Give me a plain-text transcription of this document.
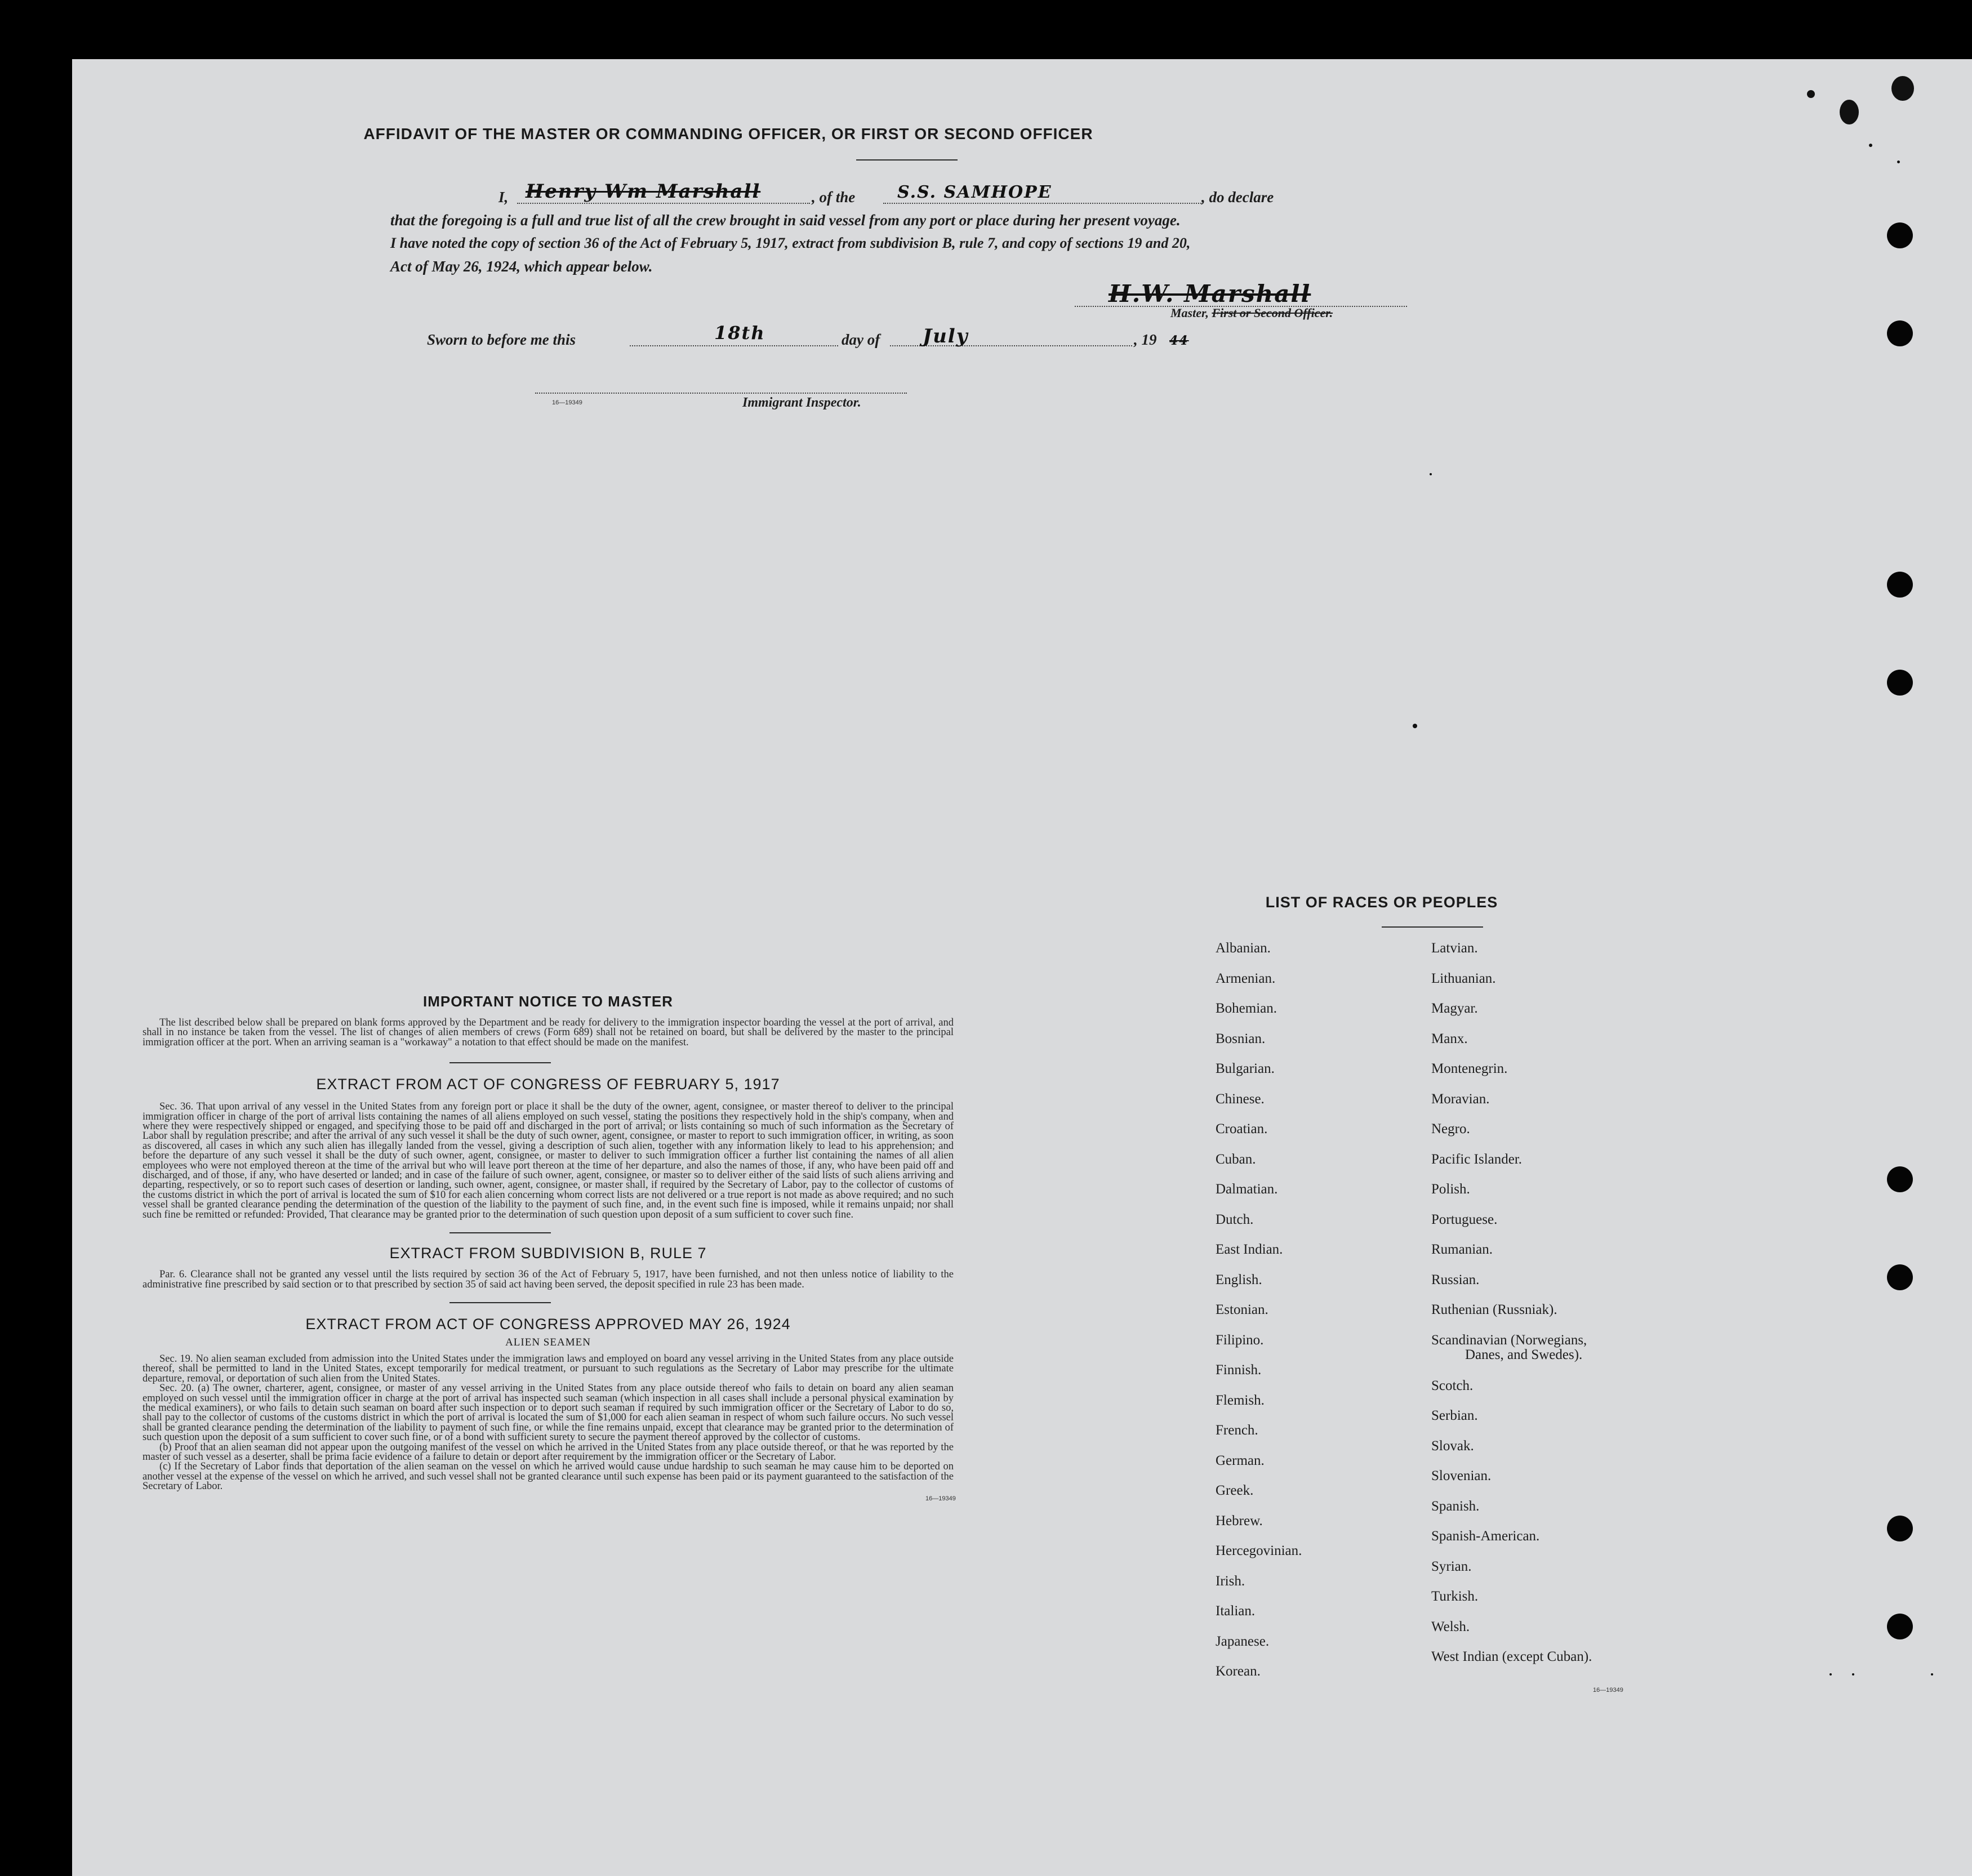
AFFIDAVIT OF THE MASTER OR COMMANDING OFFICER, OR FIRST OR SECOND OFFICER
I, Henry Wm Marshall	, of the S.S. SAMHOPE	, do declare
that the foregoing is a full and true list of all the crew brought in said vessel from any port or place during her present voyage.
I have noted the copy of section 36 of the Act of February 5, 1917, extract from subdivision B, rule 7, and copy of sections 19 and 20,
Act of May 26, 1924, which appear below.
H.W. Marshall
Master, First or Second Officer.
Sworn to before me this	18th	day of July	, 19 44
16—19349	Immigrant Inspector.
IMPORTANT NOTICE TO MASTER
The list described below shall be prepared on blank forms approved by the Department and be ready for delivery to the immigration inspector boarding the vessel at the port of arrival, and shall in no instance be taken from the vessel. The list of changes of alien members of crews (Form 689) shall not be retained on board, but shall be delivered by the master to the principal immigration officer at the port. When an arriving seaman is a "workaway" a notation to that effect should be made on the manifest.
EXTRACT FROM ACT OF CONGRESS OF FEBRUARY 5, 1917
Sec. 36. That upon arrival of any vessel in the United States from any foreign port or place it shall be the duty of the owner, agent, consignee, or master thereof to deliver to the principal immigration officer in charge of the port of arrival lists containing the names of all aliens employed on such vessel, stating the positions they respectively hold in the ship's company, when and where they were respectively shipped or engaged, and specifying those to be paid off and discharged in the port of arrival; or lists containing so much of such information as the Secretary of Labor shall by regulation prescribe; and after the arrival of any such vessel it shall be the duty of such owner, agent, consignee, or master to report to such immigration officer, in writing, as soon as discovered, all cases in which any such alien has illegally landed from the vessel, giving a description of such alien, together with any information likely to lead to his apprehension; and before the departure of any such vessel it shall be the duty of such owner, agent, consignee, or master to deliver to such immigration officer a further list containing the names of all alien employees who were not employed thereon at the time of the arrival but who will leave port thereon at the time of her departure, and also the names of those, if any, who have been paid off and discharged, and of those, if any, who have deserted or landed; and in case of the failure of such owner, agent, consignee, or master so to deliver either of the said lists of such aliens arriving and departing, respectively, or so to report such cases of desertion or landing, such owner, agent, consignee, or master shall, if required by the Secretary of Labor, pay to the collector of customs of the customs district in which the port of arrival is located the sum of $10 for each alien concerning whom correct lists are not delivered or a true report is not made as above required; and no such vessel shall be granted clearance pending the determination of the question of the liability to the payment of such fine, and, in the event such fine is imposed, while it remains unpaid; nor shall such fine be remitted or refunded: Provided, That clearance may be granted prior to the determination of such question upon deposit of a sum sufficient to cover such fine.
EXTRACT FROM SUBDIVISION B, RULE 7
Par. 6. Clearance shall not be granted any vessel until the lists required by section 36 of the Act of February 5, 1917, have been furnished, and not then unless notice of liability to the administrative fine prescribed by said section or to that prescribed by section 35 of said act having been served, the deposit specified in rule 23 has been made.
EXTRACT FROM ACT OF CONGRESS APPROVED MAY 26, 1924
ALIEN SEAMEN
Sec. 19. No alien seaman excluded from admission into the United States under the immigration laws and employed on board any vessel arriving in the United States from any place outside thereof, shall be permitted to land in the United States, except temporarily for medical treatment, or pursuant to such regulations as the Secretary of Labor may prescribe for the ultimate departure, removal, or deportation of such alien from the United States.
Sec. 20. (a) The owner, charterer, agent, consignee, or master of any vessel arriving in the United States from any place outside thereof who fails to detain on board any alien seaman employed on such vessel until the immigration officer in charge at the port of arrival has inspected such seaman (which inspection in all cases shall include a personal physical examination by the medical examiners), or who fails to detain such seaman on board after such inspection or to deport such seaman if required by such immigration officer or the Secretary of Labor to do so, shall pay to the collector of customs of the customs district in which the port of arrival is located the sum of $1,000 for each alien seaman in respect of whom such failure occurs. No such vessel shall be granted clearance pending the determination of the liability to payment of such fine, or while the fine remains unpaid, except that clearance may be granted prior to the determination of such question upon the deposit of a sum sufficient to cover such fine, or of a bond with sufficient surety to secure the payment thereof approved by the collector of customs.
(b) Proof that an alien seaman did not appear upon the outgoing manifest of the vessel on which he arrived in the United States from any place outside thereof, or that he was reported by the master of such vessel as a deserter, shall be prima facie evidence of a failure to detain or deport after requirement by the immigration officer or the Secretary of Labor.
(c) If the Secretary of Labor finds that deportation of the alien seaman on the vessel on which he arrived would cause undue hardship to such seaman he may cause him to be deported on another vessel at the expense of the vessel on which he arrived, and such vessel shall not be granted clearance until such expense has been paid or its payment guaranteed to the satisfaction of the Secretary of Labor.
16—19349
LIST OF RACES OR PEOPLES
Albanian.
Armenian.
Bohemian.
Bosnian.
Bulgarian.
Chinese.
Croatian.
Cuban.
Dalmatian.
Dutch.
East Indian.
English.
Estonian.
Filipino.
Finnish.
Flemish.
French.
German.
Greek.
Hebrew.
Hercegovinian.
Irish.
Italian.
Japanese.
Korean.
Latvian.
Lithuanian.
Magyar.
Manx.
Montenegrin.
Moravian.
Negro.
Pacific Islander.
Polish.
Portuguese.
Rumanian.
Russian.
Ruthenian (Russniak).
Scandinavian (Norwegians,
Danes, and Swedes).
Scotch.
Serbian.
Slovak.
Slovenian.
Spanish.
Spanish-American.
Syrian.
Turkish.
Welsh.
West Indian (except Cuban).
16—19349
